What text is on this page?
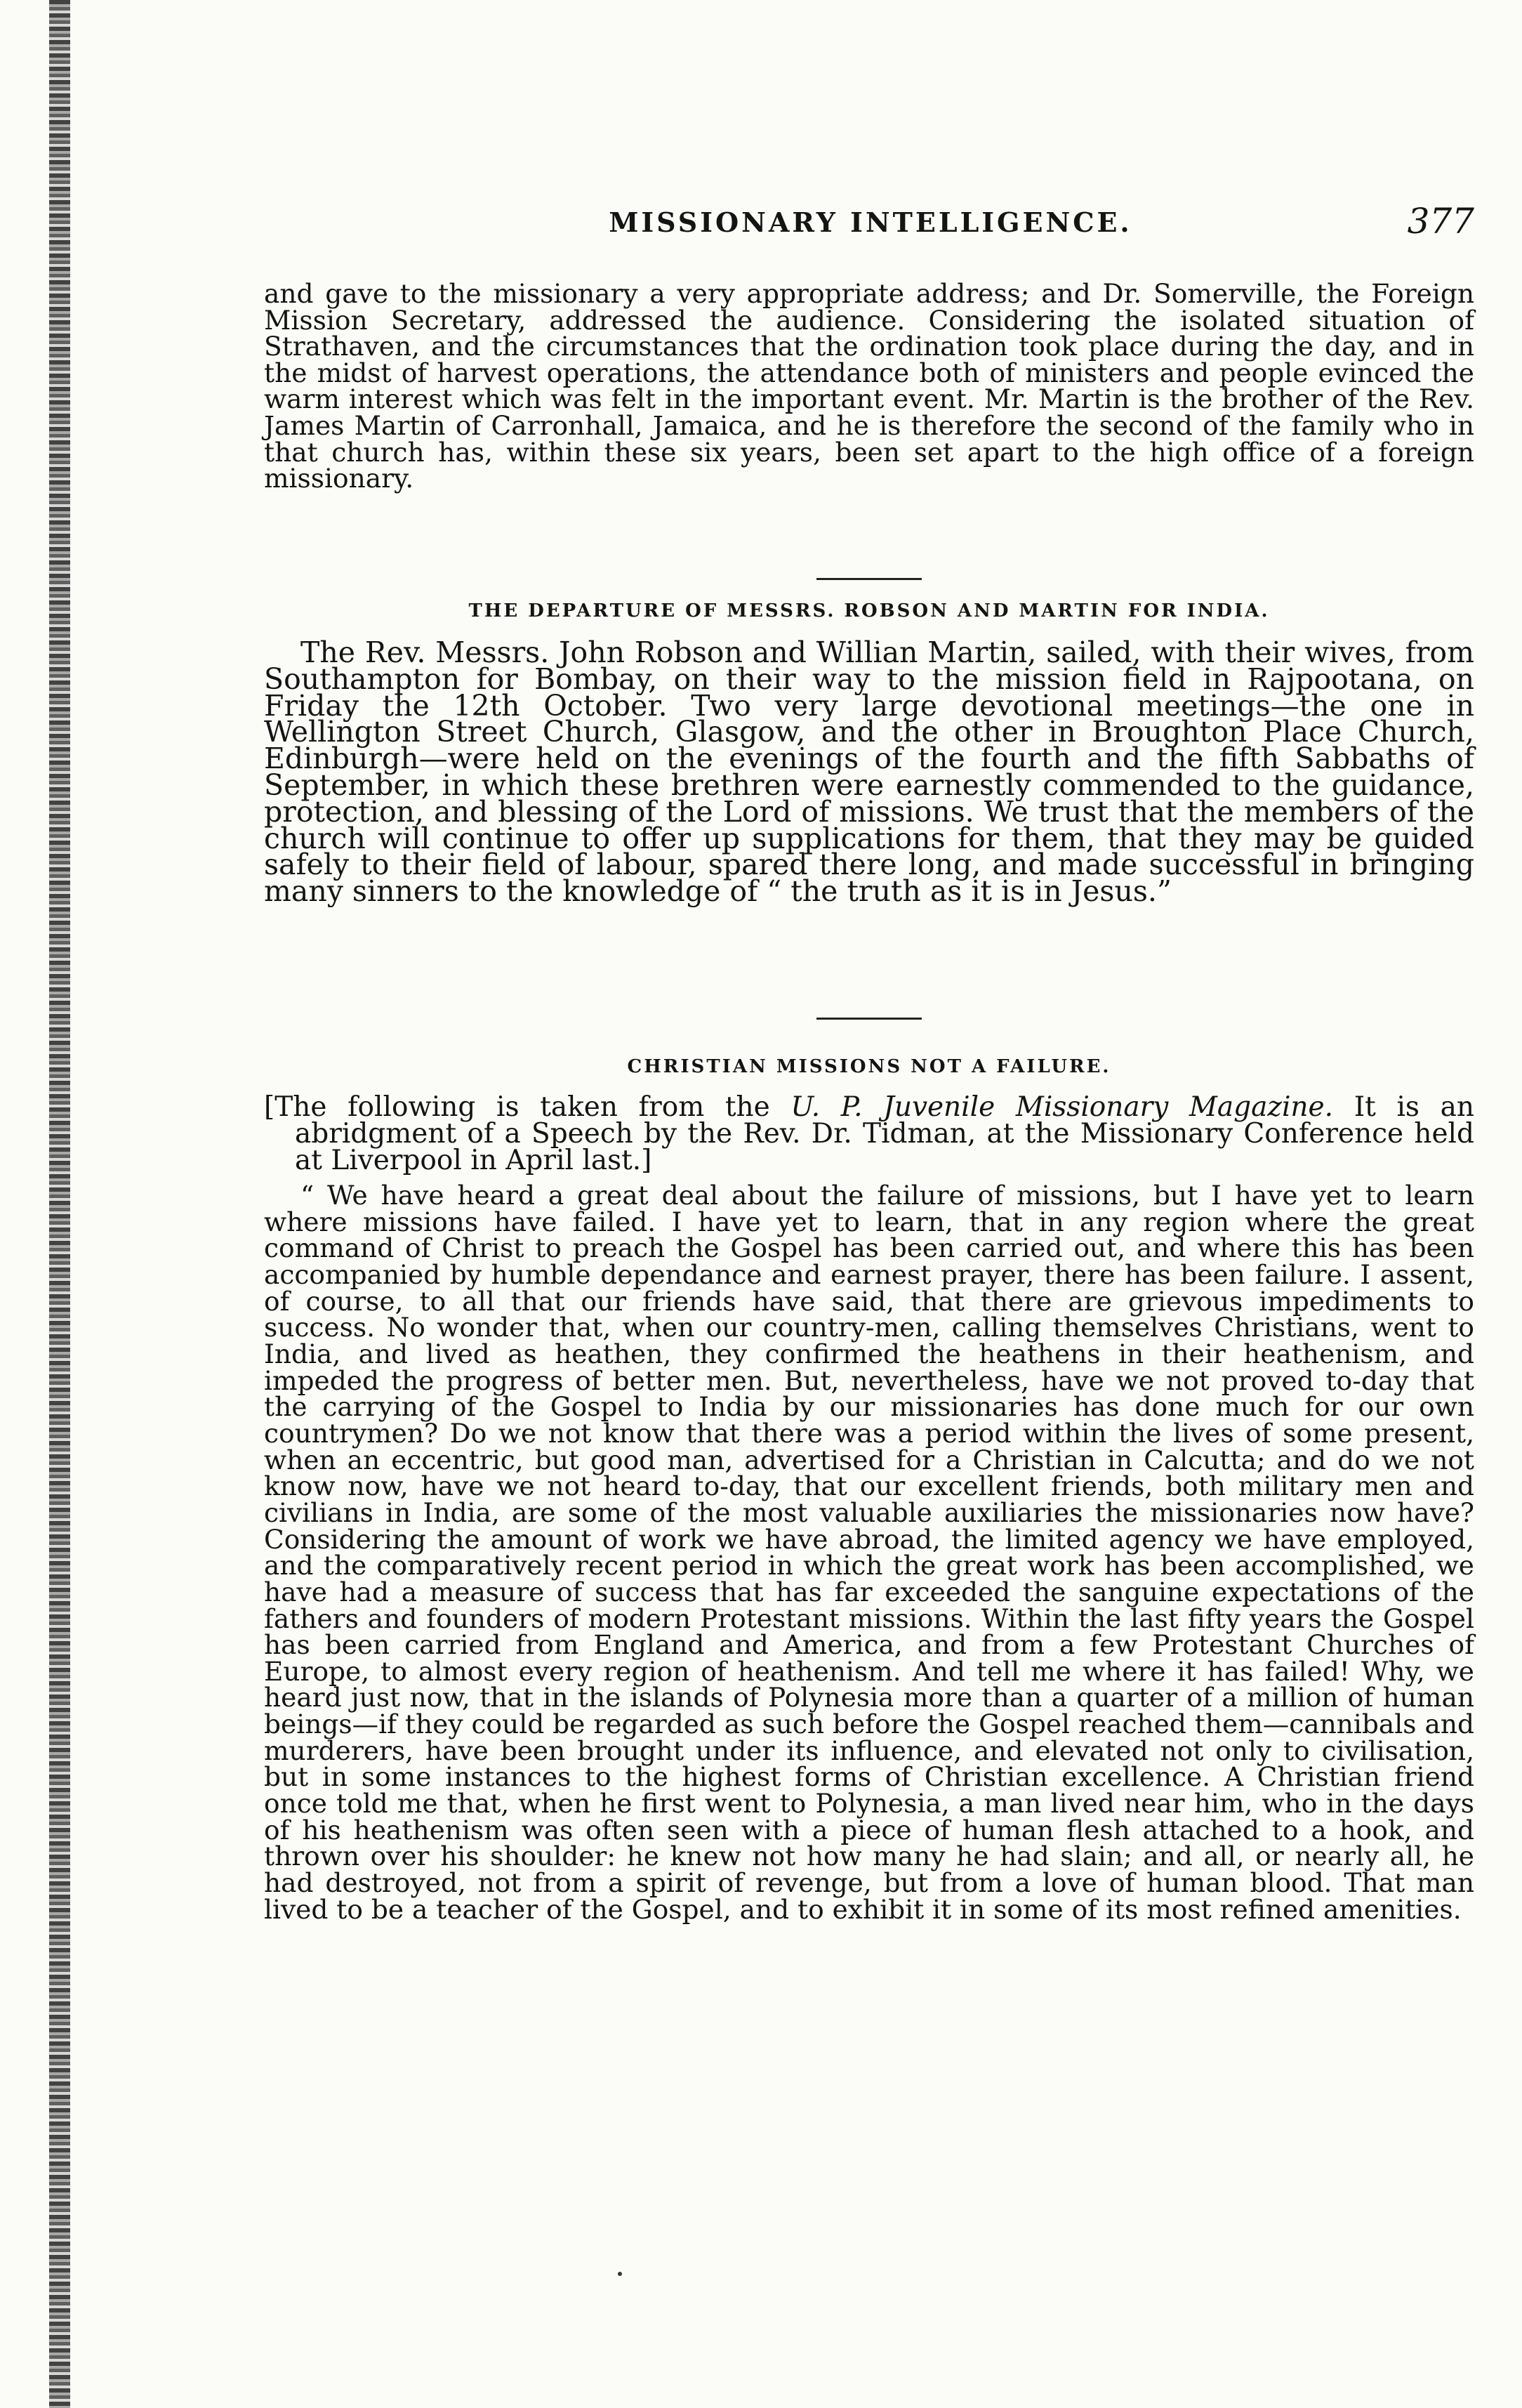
MISSIONARY INTELLIGENCE.	377

and gave to the missionary a very appropriate address; and Dr. Somerville, the Foreign Mission Secretary, addressed the audience. Considering the isolated situation of Strathaven, and the circumstances that the ordination took place during the day, and in the midst of harvest operations, the attendance both of ministers and people evinced the warm interest which was felt in the important event. Mr. Martin is the brother of the Rev. James Martin of Carronhall, Jamaica, and he is therefore the second of the family who in that church has, within these six years, been set apart to the high office of a foreign missionary.

THE DEPARTURE OF MESSRS. ROBSON AND MARTIN FOR INDIA.

The Rev. Messrs. John Robson and Willian Martin, sailed, with their wives, from Southampton for Bombay, on their way to the mission field in Rajpootana, on Friday the 12th October. Two very large devotional meetings—the one in Wellington Street Church, Glasgow, and the other in Broughton Place Church, Edinburgh—were held on the evenings of the fourth and the fifth Sabbaths of September, in which these brethren were earnestly commended to the guidance, protection, and blessing of the Lord of missions. We trust that the members of the church will continue to offer up supplications for them, that they may be guided safely to their field of labour, spared there long, and made successful in bringing many sinners to the knowledge of “ the truth as it is in Jesus.”

CHRISTIAN MISSIONS NOT A FAILURE.

[The following is taken from the U. P. Juvenile Missionary Magazine. It is an abridgment of a Speech by the Rev. Dr. Tidman, at the Missionary Conference held at Liverpool in April last.]

“ We have heard a great deal about the failure of missions, but I have yet to learn where missions have failed. I have yet to learn, that in any region where the great command of Christ to preach the Gospel has been carried out, and where this has been accompanied by humble dependance and earnest prayer, there has been failure. I assent, of course, to all that our friends have said, that there are grievous impediments to success. No wonder that, when our country-men, calling themselves Christians, went to India, and lived as heathen, they confirmed the heathens in their heathenism, and impeded the progress of better men. But, nevertheless, have we not proved to-day that the carrying of the Gospel to India by our missionaries has done much for our own countrymen? Do we not know that there was a period within the lives of some present, when an eccentric, but good man, advertised for a Christian in Calcutta; and do we not know now, have we not heard to-day, that our excellent friends, both military men and civilians in India, are some of the most valuable auxiliaries the missionaries now have? Considering the amount of work we have abroad, the limited agency we have employed, and the comparatively recent period in which the great work has been accomplished, we have had a measure of success that has far exceeded the sanguine expectations of the fathers and founders of modern Protestant missions. Within the last fifty years the Gospel has been carried from England and America, and from a few Protestant Churches of Europe, to almost every region of heathenism. And tell me where it has failed! Why, we heard just now, that in the islands of Polynesia more than a quarter of a million of human beings—if they could be regarded as such before the Gospel reached them—cannibals and murderers, have been brought under its influence, and elevated not only to civilisation, but in some instances to the highest forms of Christian excellence. A Christian friend once told me that, when he first went to Polynesia, a man lived near him, who in the days of his heathenism was often seen with a piece of human flesh attached to a hook, and thrown over his shoulder: he knew not how many he had slain; and all, or nearly all, he had destroyed, not from a spirit of revenge, but from a love of human blood. That man lived to be a teacher of the Gospel, and to exhibit it in some of its most refined amenities.
